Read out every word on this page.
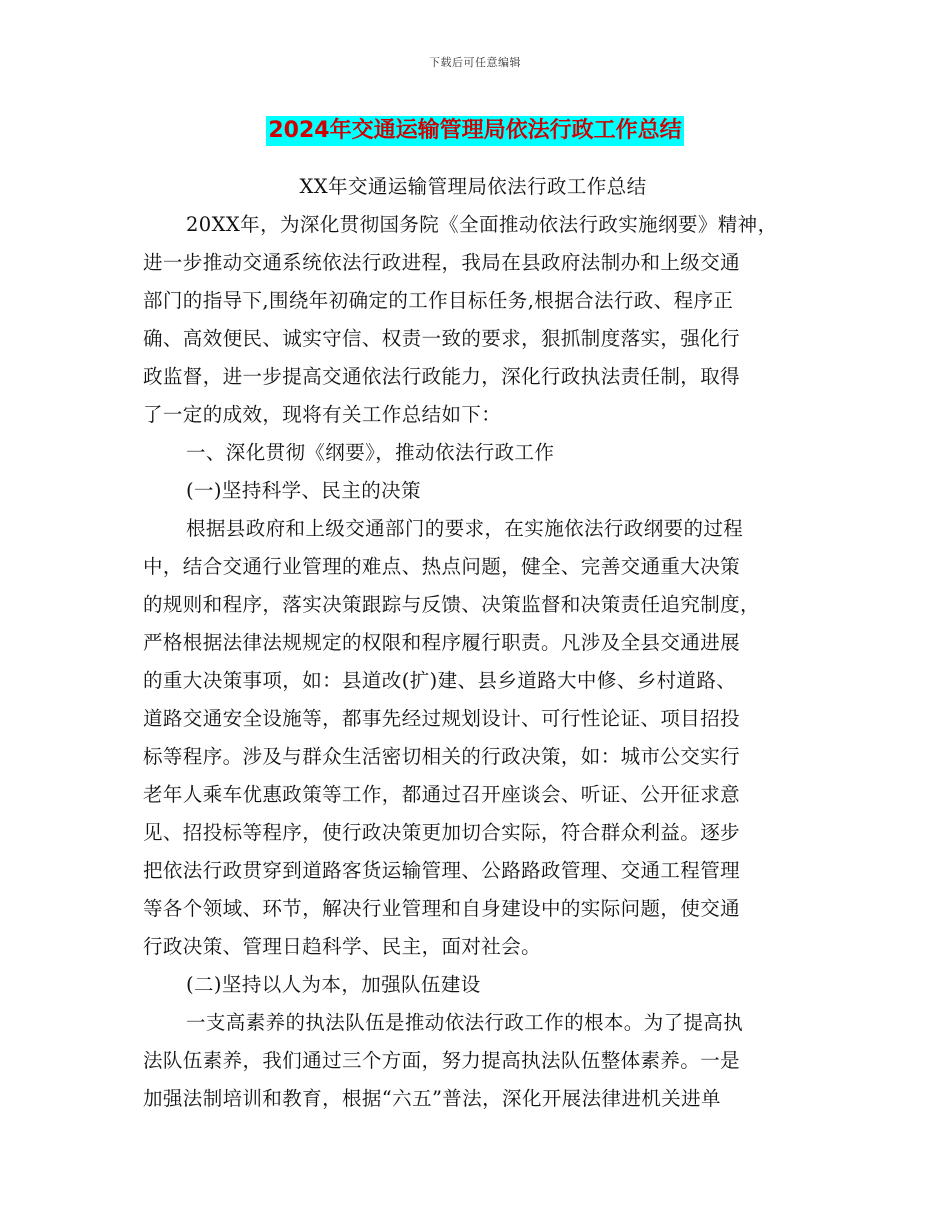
下载后可任意编辑
2024年交通运输管理局依法行政工作总结
XX年交通运输管理局依法行政工作总结
20XX年，为深化贯彻国务院《全面推动依法行政实施纲要》精神，
进一步推动交通系统依法行政进程，我局在县政府法制办和上级交通
部门的指导下,围绕年初确定的工作目标任务,根据合法行政、程序正
确、高效便民、诚实守信、权责一致的要求，狠抓制度落实，强化行
政监督，进一步提高交通依法行政能力，深化行政执法责任制，取得
了一定的成效，现将有关工作总结如下：
一、深化贯彻《纲要》，推动依法行政工作
(一)坚持科学、民主的决策
根据县政府和上级交通部门的要求，在实施依法行政纲要的过程
中，结合交通行业管理的难点、热点问题，健全、完善交通重大决策
的规则和程序，落实决策跟踪与反馈、决策监督和决策责任追究制度，
严格根据法律法规规定的权限和程序履行职责。凡涉及全县交通进展
的重大决策事项，如：县道改(扩)建、县乡道路大中修、乡村道路、
道路交通安全设施等，都事先经过规划设计、可行性论证、项目招投
标等程序。涉及与群众生活密切相关的行政决策，如：城市公交实行
老年人乘车优惠政策等工作，都通过召开座谈会、听证、公开征求意
见、招投标等程序，使行政决策更加切合实际，符合群众利益。逐步
把依法行政贯穿到道路客货运输管理、公路路政管理、交通工程管理
等各个领域、环节，解决行业管理和自身建设中的实际问题，使交通
行政决策、管理日趋科学、民主，面对社会。
(二)坚持以人为本，加强队伍建设
一支高素养的执法队伍是推动依法行政工作的根本。为了提高执
法队伍素养，我们通过三个方面，努力提高执法队伍整体素养。一是
加强法制培训和教育，根据“六五”普法，深化开展法律进机关进单
